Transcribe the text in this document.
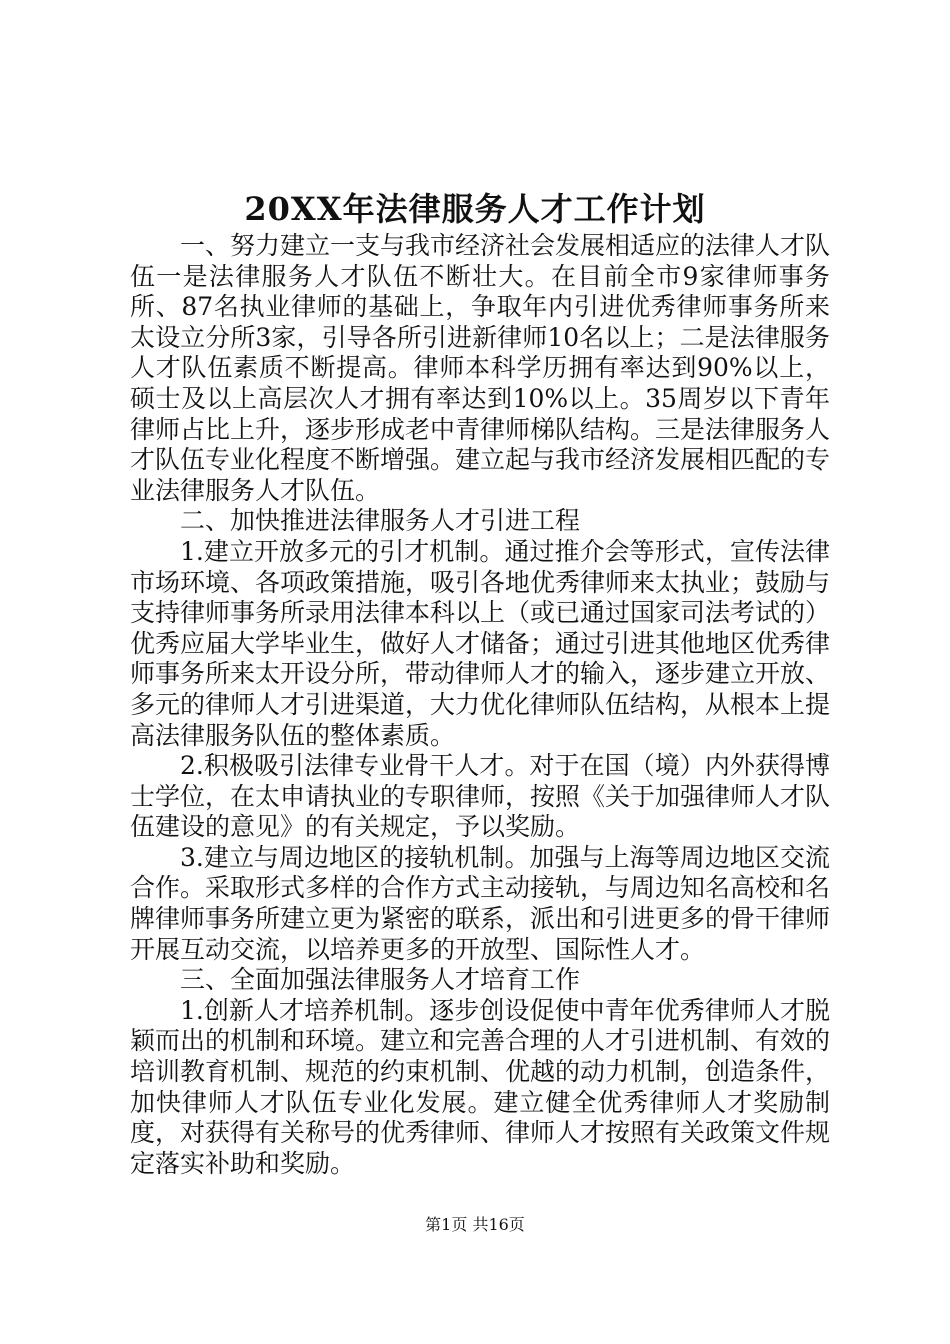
20XX年法律服务人才工作计划

一、努力建立一支与我市经济社会发展相适应的法律人才队伍一是法律服务人才队伍不断壮大。在目前全市9家律师事务所、87名执业律师的基础上，争取年内引进优秀律师事务所来太设立分所3家，引导各所引进新律师10名以上；二是法律服务人才队伍素质不断提高。律师本科学历拥有率达到90%以上，硕士及以上高层次人才拥有率达到10%以上。35周岁以下青年律师占比上升，逐步形成老中青律师梯队结构。三是法律服务人才队伍专业化程度不断增强。建立起与我市经济发展相匹配的专业法律服务人才队伍。

二、加快推进法律服务人才引进工程

1.建立开放多元的引才机制。通过推介会等形式，宣传法律市场环境、各项政策措施，吸引各地优秀律师来太执业；鼓励与支持律师事务所录用法律本科以上（或已通过国家司法考试的）优秀应届大学毕业生，做好人才储备；通过引进其他地区优秀律师事务所来太开设分所，带动律师人才的输入，逐步建立开放、多元的律师人才引进渠道，大力优化律师队伍结构，从根本上提高法律服务队伍的整体素质。

2.积极吸引法律专业骨干人才。对于在国（境）内外获得博士学位，在太申请执业的专职律师，按照《关于加强律师人才队伍建设的意见》的有关规定，予以奖励。

3.建立与周边地区的接轨机制。加强与上海等周边地区交流合作。采取形式多样的合作方式主动接轨，与周边知名高校和名牌律师事务所建立更为紧密的联系，派出和引进更多的骨干律师开展互动交流，以培养更多的开放型、国际性人才。

三、全面加强法律服务人才培育工作

1.创新人才培养机制。逐步创设促使中青年优秀律师人才脱颖而出的机制和环境。建立和完善合理的人才引进机制、有效的培训教育机制、规范的约束机制、优越的动力机制，创造条件，加快律师人才队伍专业化发展。建立健全优秀律师人才奖励制度，对获得有关称号的优秀律师、律师人才按照有关政策文件规定落实补助和奖励。

第1页 共16页
